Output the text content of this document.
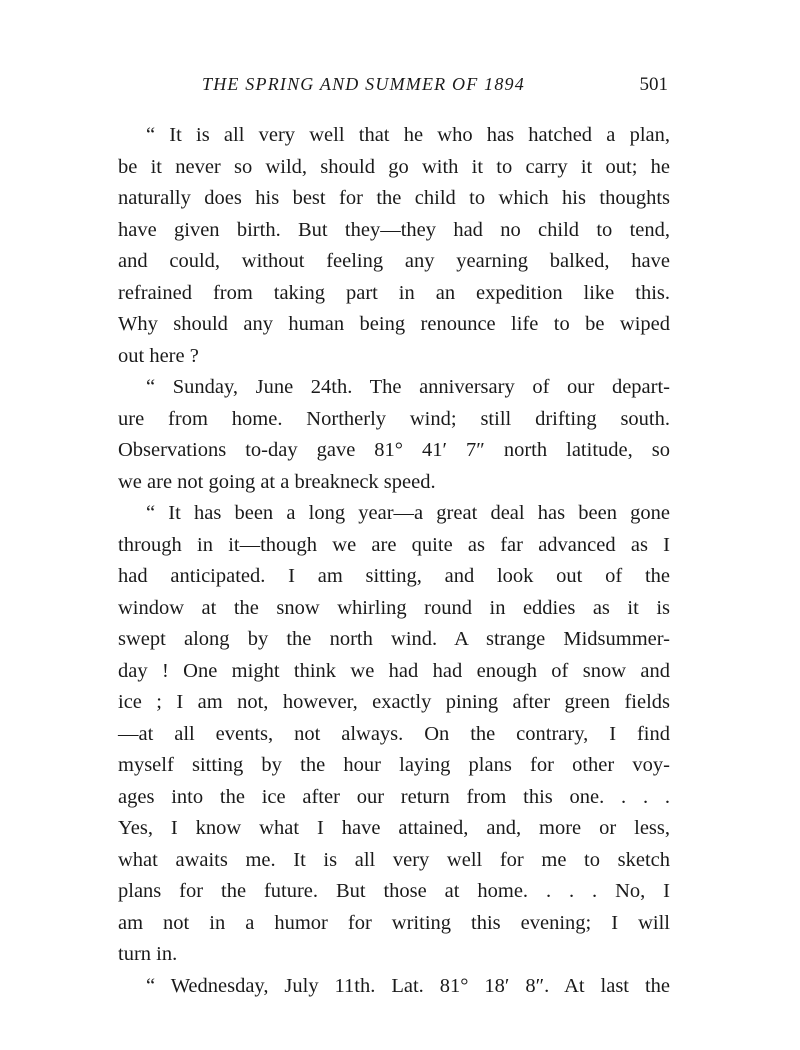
THE SPRING AND SUMMER OF 1894	501
“ It is all very well that he who has hatched a plan,
be it never so wild, should go with it to carry it out; he
naturally does his best for the child to which his thoughts
have given birth. But they—they had no child to tend,
and could, without feeling any yearning balked, have
refrained from taking part in an expedition like this.
Why should any human being renounce life to be wiped
out here ?
“ Sunday, June 24th. The anniversary of our depart-
ure from home. Northerly wind; still drifting south.
Observations to-day gave 81° 41′ 7″ north latitude, so
we are not going at a breakneck speed.
“ It has been a long year—a great deal has been gone
through in it—though we are quite as far advanced as I
had anticipated. I am sitting, and look out of the
window at the snow whirling round in eddies as it is
swept along by the north wind. A strange Midsummer-
day ! One might think we had had enough of snow and
ice ; I am not, however, exactly pining after green fields
—at all events, not always. On the contrary, I find
myself sitting by the hour laying plans for other voy-
ages into the ice after our return from this one. . . .
Yes, I know what I have attained, and, more or less,
what awaits me. It is all very well for me to sketch
plans for the future. But those at home. . . . No, I
am not in a humor for writing this evening; I will
turn in.
“ Wednesday, July 11th. Lat. 81° 18′ 8″. At last the
